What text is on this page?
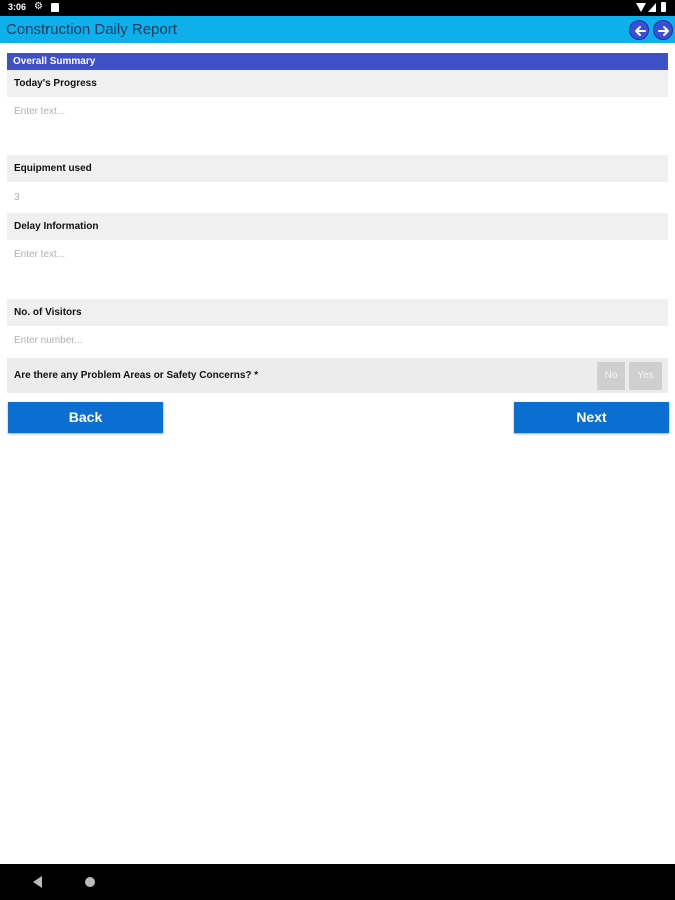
3:06 ⚙
Construction Daily Report
Overall Summary
Today's Progress
Enter text...
Equipment used
3
Delay Information
Enter text...
No. of Visitors
Enter number...
Are there any Problem Areas or Safety Concerns? *	No	Yes
Back	Next
